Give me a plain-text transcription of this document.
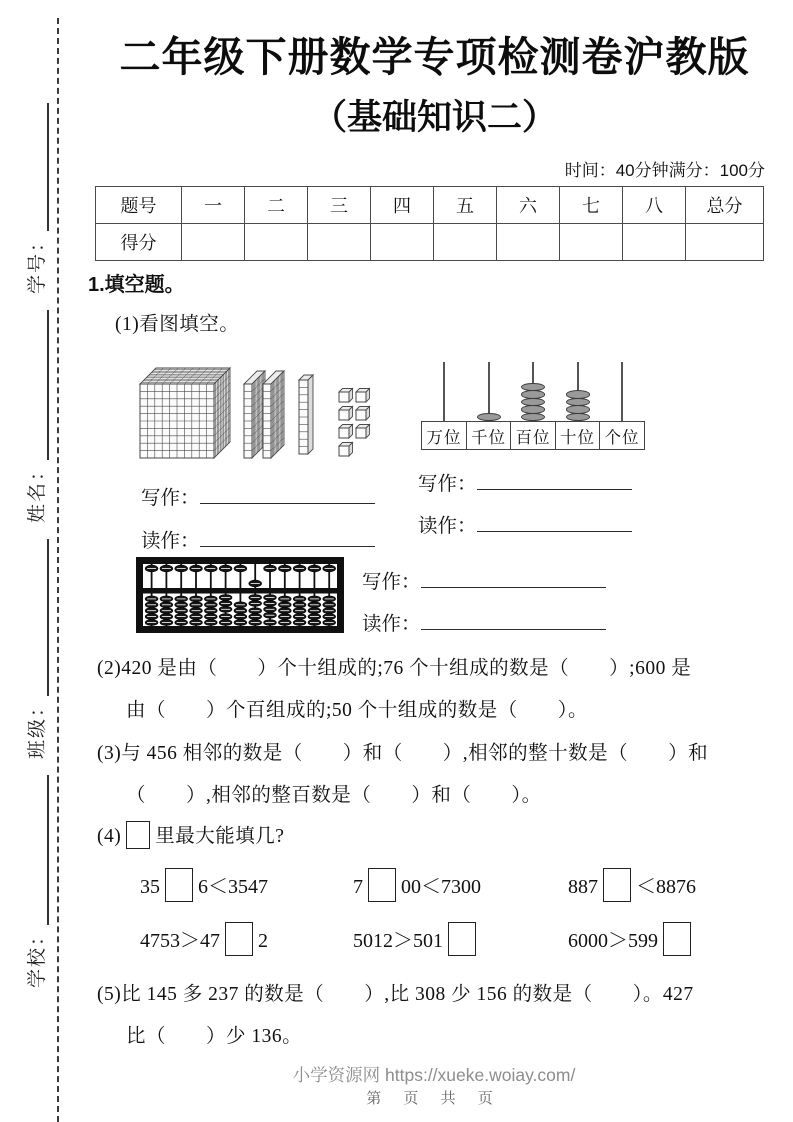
学校：
班级：
姓名：
学号：
二年级下册数学专项检测卷沪教版
（基础知识二）
时间：40分钟满分：100分
题号	一	二	三	四	五	六	七	八	总分
得分									
1.填空题。
(1)看图填空。
万位 千位 百位 十位 个位
写作：
读作：
写作：
读作：
写作：
读作：
(2)420 是由（　　）个十组成的;76 个十组成的数是（　　）;600 是
由（　　）个百组成的;50 个十组成的数是（　　）。
(3)与 456 相邻的数是（　　）和（　　）,相邻的整十数是（　　）和
（　　）,相邻的整百数是（　　）和（　　）。
(4) 里最大能填几?
35 6＜3547	7 00＜7300	887 ＜8876
4753＞47 2	5012＞501	6000＞599
(5)比 145 多 237 的数是（　　）,比 308 少 156 的数是（　　）。427
比（　　）少 136。
小学资源网 https://xueke.woiay.com/
第 页 共 页
